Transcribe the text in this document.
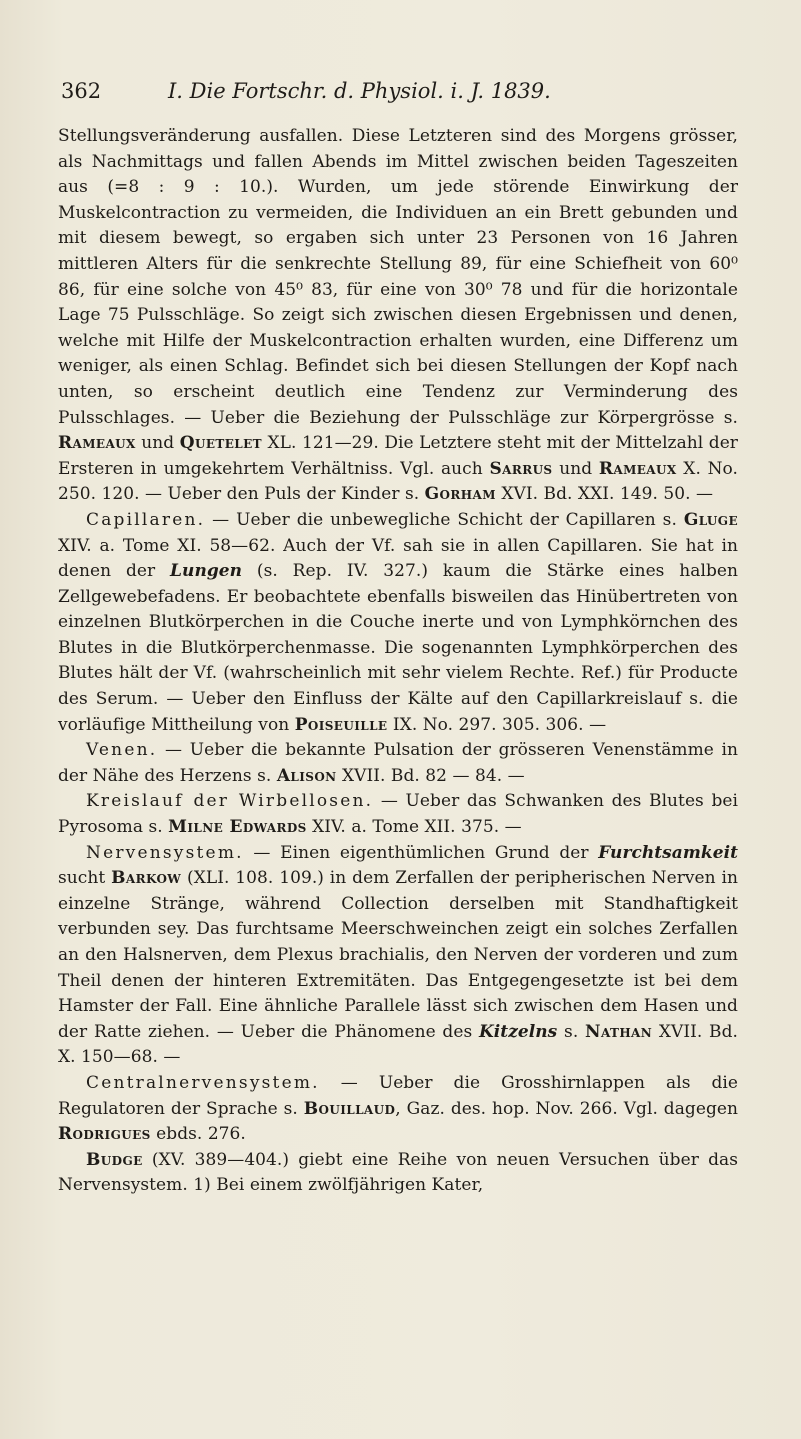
362	I. Die Fortschr. d. Physiol. i. J. 1839.

Stellungsveränderung ausfallen. Diese Letzteren sind des Morgens grösser, als Nachmittags und fallen Abends im Mittel zwischen beiden Tageszeiten aus (=8 : 9 : 10.). Wurden, um jede störende Einwirkung der Muskelcontraction zu vermeiden, die Individuen an ein Brett gebunden und mit diesem bewegt, so ergaben sich unter 23 Personen von 16 Jahren mittleren Alters für die senkrechte Stellung 89, für eine Schiefheit von 60⁰ 86, für eine solche von 45⁰ 83, für eine von 30⁰ 78 und für die horizontale Lage 75 Pulsschläge. So zeigt sich zwischen diesen Ergebnissen und denen, welche mit Hilfe der Muskelcontraction erhalten wurden, eine Differenz um weniger, als einen Schlag. Befindet sich bei diesen Stellungen der Kopf nach unten, so erscheint deutlich eine Tendenz zur Verminderung des Pulsschlages. — Ueber die Beziehung der Pulsschläge zur Körpergrösse s. Rameaux und Quetelet XL. 121—29. Die Letztere steht mit der Mittelzahl der Ersteren in umgekehrtem Verhältniss. Vgl. auch Sarrus und Rameaux X. No. 250. 120. — Ueber den Puls der Kinder s. Gorham XVI. Bd. XXI. 149. 50. —

Capillaren. — Ueber die unbewegliche Schicht der Capillaren s. Gluge XIV. a. Tome XI. 58—62. Auch der Vf. sah sie in allen Capillaren. Sie hat in denen der Lungen (s. Rep. IV. 327.) kaum die Stärke eines halben Zellgewebefadens. Er beobachtete ebenfalls bisweilen das Hinübertreten von einzelnen Blutkörperchen in die Couche inerte und von Lymphkörnchen des Blutes in die Blutkörperchenmasse. Die sogenannten Lymphkörperchen des Blutes hält der Vf. (wahrscheinlich mit sehr vielem Rechte. Ref.) für Producte des Serum. — Ueber den Einfluss der Kälte auf den Capillarkreislauf s. die vorläufige Mittheilung von Poiseuille IX. No. 297. 305. 306. —

Venen. — Ueber die bekannte Pulsation der grösseren Venenstämme in der Nähe des Herzens s. Alison XVII. Bd. 82 — 84. —

Kreislauf der Wirbellosen. — Ueber das Schwanken des Blutes bei Pyrosoma s. Milne Edwards XIV. a. Tome XII. 375. —

Nervensystem. — Einen eigenthümlichen Grund der Furchtsamkeit sucht Barkow (XLI. 108. 109.) in dem Zerfallen der peripherischen Nerven in einzelne Stränge, während Collection derselben mit Standhaftigkeit verbunden sey. Das furchtsame Meerschweinchen zeigt ein solches Zerfallen an den Halsnerven, dem Plexus brachialis, den Nerven der vorderen und zum Theil denen der hinteren Extremitäten. Das Entgegengesetzte ist bei dem Hamster der Fall. Eine ähnliche Parallele lässt sich zwischen dem Hasen und der Ratte ziehen. — Ueber die Phänomene des Kitzelns s. Nathan XVII. Bd. X. 150—68. —

Centralnervensystem. — Ueber die Grosshirnlappen als die Regulatoren der Sprache s. Bouillaud, Gaz. des. hop. Nov. 266. Vgl. dagegen Rodrigues ebds. 276.

Budge (XV. 389—404.) giebt eine Reihe von neuen Versuchen über das Nervensystem. 1) Bei einem zwölfjährigen Kater,
